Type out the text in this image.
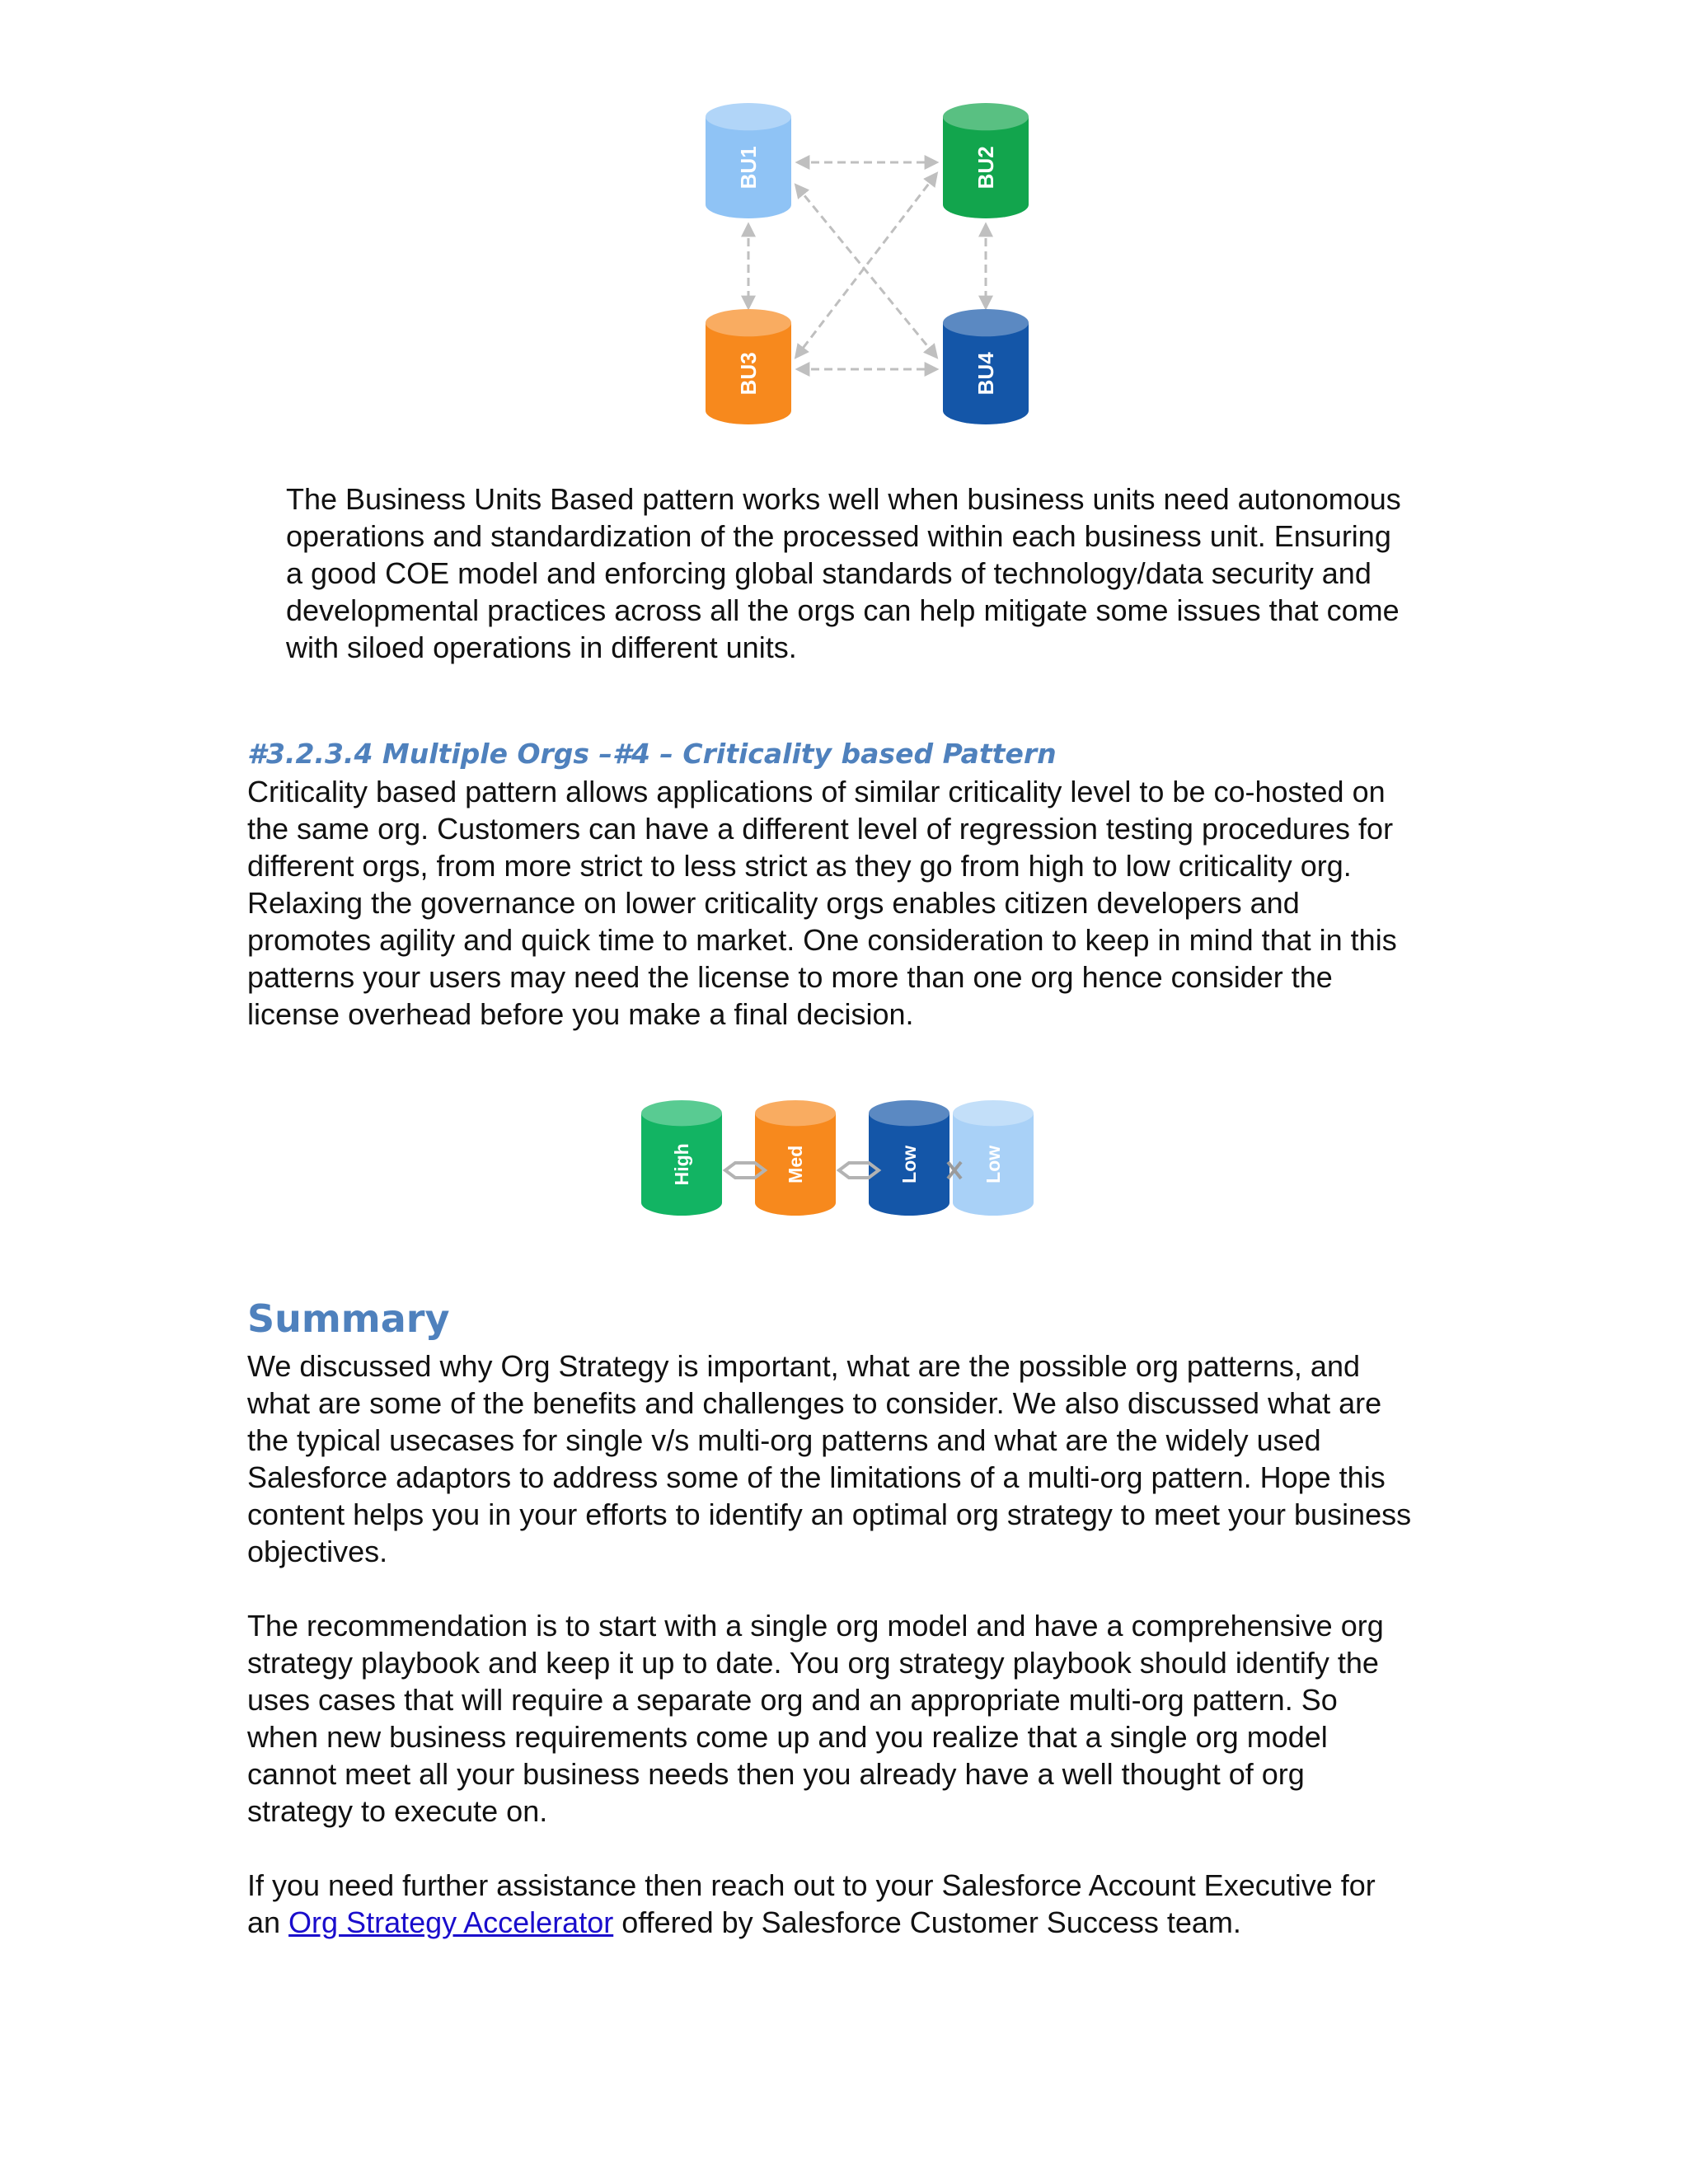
BU1	BU2
BU3	BU4
The Business Units Based pattern works well when business units need autonomous
operations and standardization of the processed within each business unit. Ensuring
a good COE model and enforcing global standards of technology/data security and
developmental practices across all the orgs can help mitigate some issues that come
with siloed operations in different units.
#3.2.3.4 Multiple Orgs –#4 – Criticality based Pattern
Criticality based pattern allows applications of similar criticality level to be co-hosted on
the same org. Customers can have a different level of regression testing procedures for
different orgs, from more strict to less strict as they go from high to low criticality org.
Relaxing the governance on lower criticality orgs enables citizen developers and
promotes agility and quick time to market. One consideration to keep in mind that in this
patterns your users may need the license to more than one org hence consider the
license overhead before you make a final decision.
High	Med	Low	Low
Summary
We discussed why Org Strategy is important, what are the possible org patterns, and
what are some of the benefits and challenges to consider. We also discussed what are
the typical usecases for single v/s multi-org patterns and what are the widely used
Salesforce adaptors to address some of the limitations of a multi-org pattern. Hope this
content helps you in your efforts to identify an optimal org strategy to meet your business
objectives.
The recommendation is to start with a single org model and have a comprehensive org
strategy playbook and keep it up to date. You org strategy playbook should identify the
uses cases that will require a separate org and an appropriate multi-org pattern. So
when new business requirements come up and you realize that a single org model
cannot meet all your business needs then you already have a well thought of org
strategy to execute on.
If you need further assistance then reach out to your Salesforce Account Executive for
an Org Strategy Accelerator offered by Salesforce Customer Success team.
